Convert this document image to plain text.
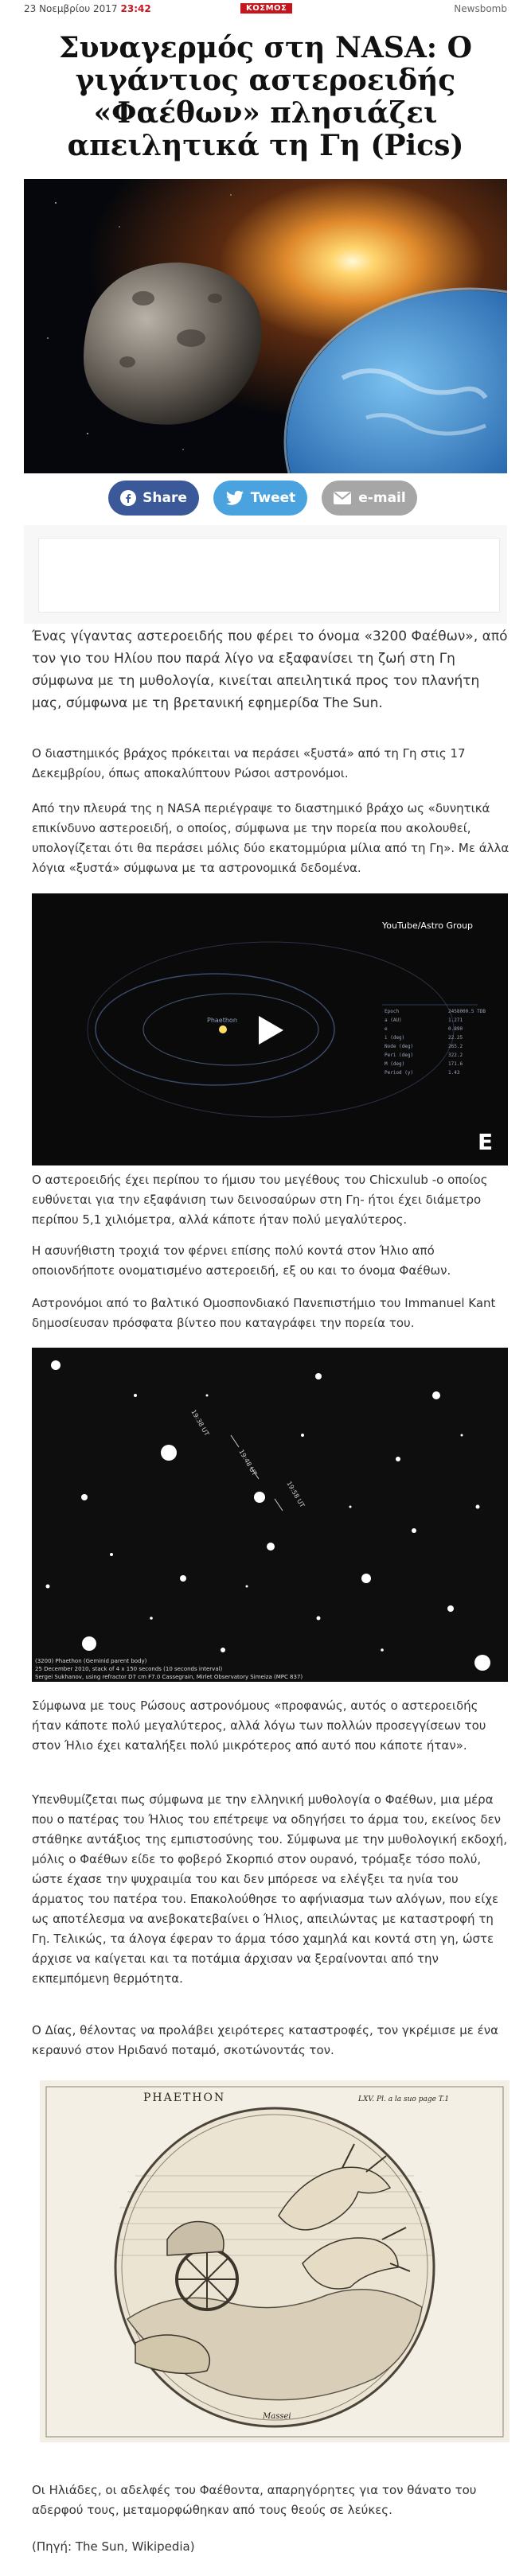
23 Νοεμβρίου 2017 23:42	ΚΟΣΜΟΣ	Newsbomb
Συναγερμός στη NASA: Ο
γιγάντιος αστεροειδής
«Φαέθων» πλησιάζει
απειλητικά τη Γη (Pics)
Share	Tweet	e-mail

Ένας γίγαντας αστεροειδής που φέρει το όνομα «3200 Φαέθων», από τον γιο του Ηλίου που παρά λίγο να εξαφανίσει τη ζωή στη Γη σύμφωνα με τη μυθολογία, κινείται απειλητικά προς τον πλανήτη μας, σύμφωνα με τη βρετανική εφημερίδα The Sun.

Ο διαστημικός βράχος πρόκειται να περάσει «ξυστά» από τη Γη στις 17 Δεκεμβρίου, όπως αποκαλύπτουν Ρώσοι αστρονόμοι.

Από την πλευρά της η NASA περιέγραψε το διαστημικό βράχο ως «δυνητικά επικίνδυνο αστεροειδή, ο οποίος, σύμφωνα με την πορεία που ακολουθεί, υπολογίζεται ότι θα περάσει μόλις δύο εκατομμύρια μίλια από τη Γη». Με άλλα λόγια «ξυστά» σύμφωνα με τα αστρονομικά δεδομένα.

Phaethon
YouTube/Astro Group
Epoch	2458000.5 TDB
a (AU)	1.271
e	0.890
i (deg)	22.25
Node (deg)	265.2
Peri (deg)	322.2
M (deg)	171.6
Period (y)	1.43
E

Ο αστεροειδής έχει περίπου το ήμισυ του μεγέθους του Chicxulub -ο οποίος ευθύνεται για την εξαφάνιση των δεινοσαύρων στη Γη- ήτοι έχει διάμετρο περίπου 5,1 χιλιόμετρα, αλλά κάποτε ήταν πολύ μεγαλύτερος.

Η ασυνήθιστη τροχιά τον φέρνει επίσης πολύ κοντά στον Ήλιο από οποιονδήποτε ονοματισμένο αστεροειδή, εξ ου και το όνομα Φαέθων.

Αστρονόμοι από το βαλτικό Ομοσπονδιακό Πανεπιστήμιο του Immanuel Kant δημοσίευσαν πρόσφατα βίντεο που καταγράφει την πορεία του.

19:38 UT
19:48 UT
19:58 UT
(3200) Phaethon (Geminid parent body)
25 December 2010, stack of 4 x 150 seconds (10 seconds interval)
Sergei Sukhanov, using refractor D7 cm F7.0 Cassegrain, Mirlet Observatory Simeiza (MPC 837)

Σύμφωνα με τους Ρώσους αστρονόμους «προφανώς, αυτός ο αστεροειδής ήταν κάποτε πολύ μεγαλύτερος, αλλά λόγω των πολλών προσεγγίσεων του στον Ήλιο έχει καταλήξει πολύ μικρότερος από αυτό που κάποτε ήταν».

Υπενθυμίζεται πως σύμφωνα με την ελληνική μυθολογία ο Φαέθων, μια μέρα που ο πατέρας του Ήλιος του επέτρεψε να οδηγήσει το άρμα του, εκείνος δεν στάθηκε αντάξιος της εμπιστοσύνης του. Σύμφωνα με την μυθολογική εκδοχή, μόλις ο Φαέθων είδε το φοβερό Σκορπιό στον ουρανό, τρόμαξε τόσο πολύ, ώστε έχασε την ψυχραιμία του και δεν μπόρεσε να ελέγξει τα ηνία του άρματος του πατέρα του. Επακολούθησε το αφήνιασμα των αλόγων, που είχε ως αποτέλεσμα να ανεβοκατεβαίνει ο Ήλιος, απειλώντας με καταστροφή τη Γη. Τελικώς, τα άλογα έφεραν το άρμα τόσο χαμηλά και κοντά στη γη, ώστε άρχισε να καίγεται και τα ποτάμια άρχισαν να ξεραίνονται από την εκπεμπόμενη θερμότητα.

Ο Δίας, θέλοντας να προλάβει χειρότερες καταστροφές, τον γκρέμισε με ένα κεραυνό στον Ηριδανό ποταμό, σκοτώνοντάς τον.

PHAETHON	LXV. Pl. a la suo page T.1
Massei

Οι Ηλιάδες, οι αδελφές του Φαέθοντα, απαρηγόρητες για τον θάνατο του αδερφού τους, μεταμορφώθηκαν από τους θεούς σε λεύκες.

(Πηγή: The Sun, Wikipedia)
